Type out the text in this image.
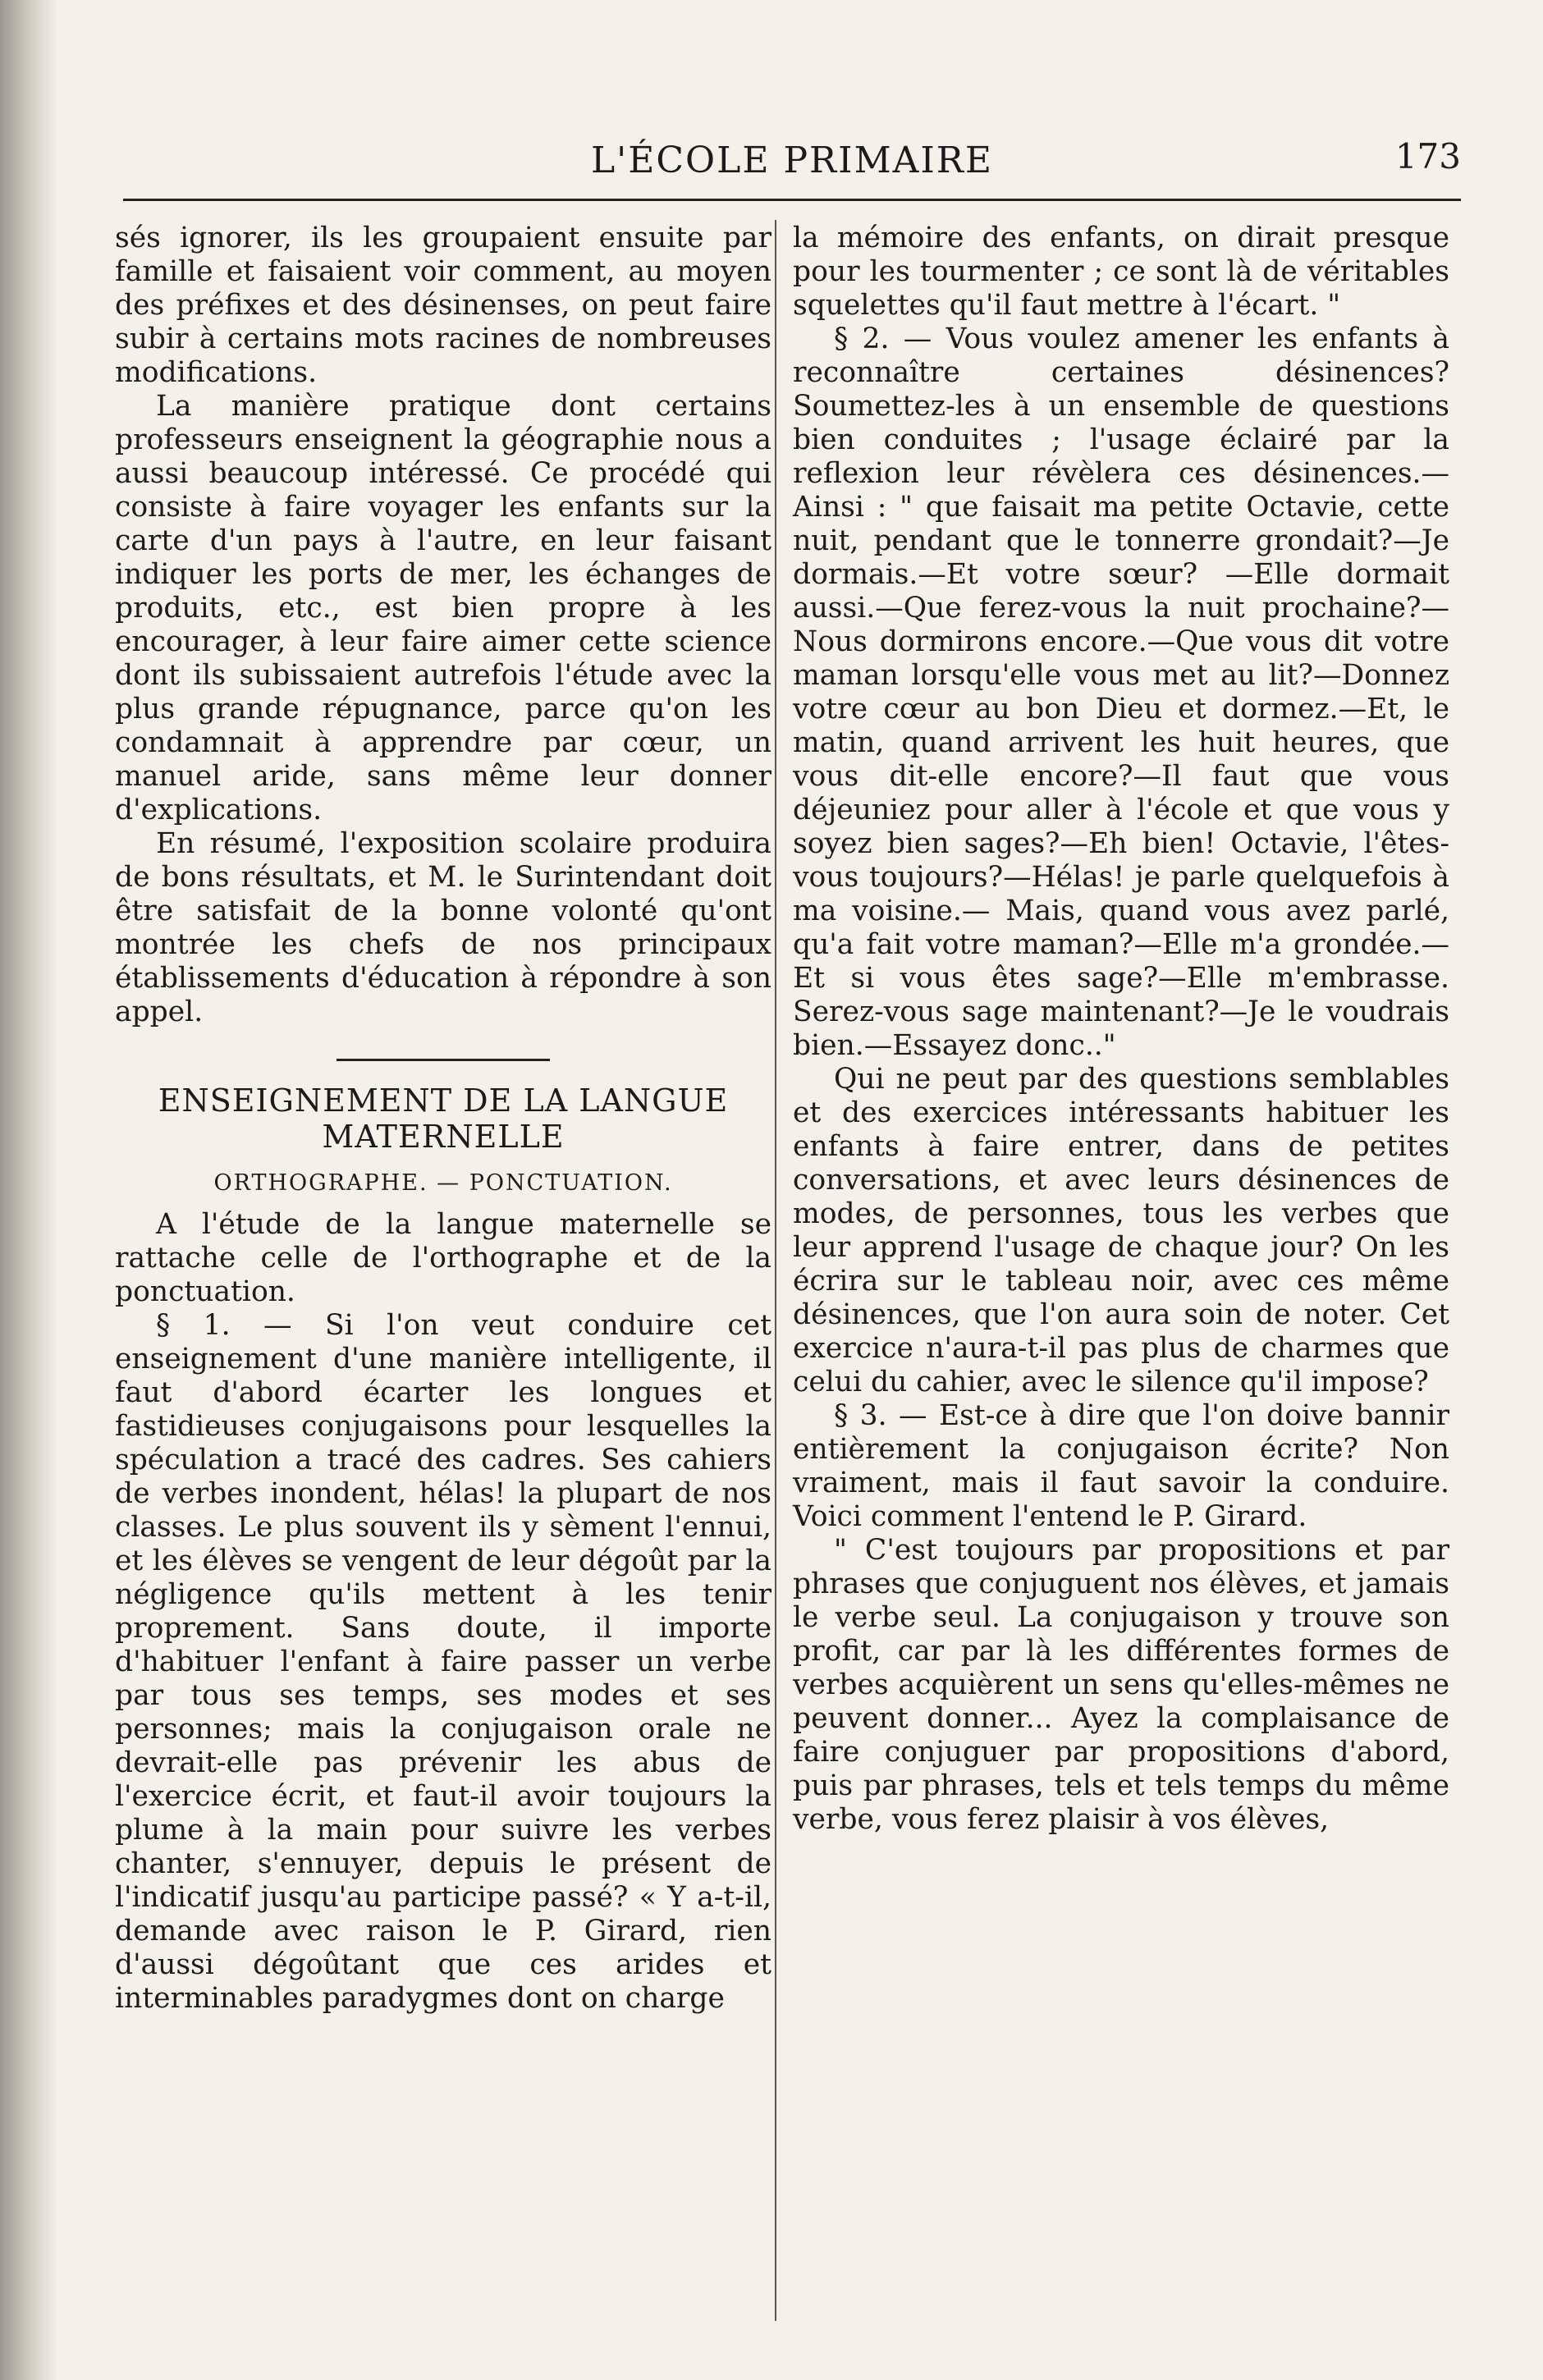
L'ÉCOLE PRIMAIRE	173

sés ignorer, ils les groupaient ensuite par famille et faisaient voir comment, au moyen des préfixes et des désinenses, on peut faire subir à certains mots racines de nombreuses modifications.

La manière pratique dont certains professeurs enseignent la géographie nous a aussi beaucoup intéressé. Ce procédé qui consiste à faire voyager les enfants sur la carte d'un pays à l'autre, en leur faisant indiquer les ports de mer, les échanges de produits, etc., est bien propre à les encourager, à leur faire aimer cette science dont ils subissaient autrefois l'étude avec la plus grande répugnance, parce qu'on les condamnait à apprendre par cœur, un manuel aride, sans même leur donner d'explications.

En résumé, l'exposition scolaire produira de bons résultats, et M. le Surintendant doit être satisfait de la bonne volonté qu'ont montrée les chefs de nos principaux établissements d'éducation à répondre à son appel.

ENSEIGNEMENT DE LA LANGUE MATERNELLE
ORTHOGRAPHE. — PONCTUATION.

A l'étude de la langue maternelle se rattache celle de l'orthographe et de la ponctuation.

§ 1. — Si l'on veut conduire cet enseignement d'une manière intelligente, il faut d'abord écarter les longues et fastidieuses conjugaisons pour lesquelles la spéculation a tracé des cadres. Ses cahiers de verbes inondent, hélas! la plupart de nos classes. Le plus souvent ils y sèment l'ennui, et les élèves se vengent de leur dégoût par la négligence qu'ils mettent à les tenir proprement. Sans doute, il importe d'habituer l'enfant à faire passer un verbe par tous ses temps, ses modes et ses personnes; mais la conjugaison orale ne devrait-elle pas prévenir les abus de l'exercice écrit, et faut-il avoir toujours la plume à la main pour suivre les verbes chanter, s'ennuyer, depuis le présent de l'indicatif jusqu'au participe passé? « Y a-t-il, demande avec raison le P. Girard, rien d'aussi dégoûtant que ces arides et interminables paradygmes dont on charge

la mémoire des enfants, on dirait presque pour les tourmenter ; ce sont là de véritables squelettes qu'il faut mettre à l'écart. "

§ 2. — Vous voulez amener les enfants à reconnaître certaines désinences? Soumettez-les à un ensemble de questions bien conduites ; l'usage éclairé par la reflexion leur révèlera ces désinences.— Ainsi : " que faisait ma petite Octavie, cette nuit, pendant que le tonnerre grondait?—Je dormais.—Et votre sœur? —Elle dormait aussi.—Que ferez-vous la nuit prochaine?—Nous dormirons encore.—Que vous dit votre maman lorsqu'elle vous met au lit?—Donnez votre cœur au bon Dieu et dormez.—Et, le matin, quand arrivent les huit heures, que vous dit-elle encore?—Il faut que vous déjeuniez pour aller à l'école et que vous y soyez bien sages?—Eh bien! Octavie, l'êtes-vous toujours?—Hélas! je parle quelquefois à ma voisine.— Mais, quand vous avez parlé, qu'a fait votre maman?—Elle m'a grondée.—Et si vous êtes sage?—Elle m'embrasse. Serez-vous sage maintenant?—Je le voudrais bien.—Essayez donc.."

Qui ne peut par des questions semblables et des exercices intéressants habituer les enfants à faire entrer, dans de petites conversations, et avec leurs désinences de modes, de personnes, tous les verbes que leur apprend l'usage de chaque jour? On les écrira sur le tableau noir, avec ces même désinences, que l'on aura soin de noter. Cet exercice n'aura-t-il pas plus de charmes que celui du cahier, avec le silence qu'il impose?

§ 3. — Est-ce à dire que l'on doive bannir entièrement la conjugaison écrite? Non vraiment, mais il faut savoir la conduire. Voici comment l'entend le P. Girard.

" C'est toujours par propositions et par phrases que conjuguent nos élèves, et jamais le verbe seul. La conjugaison y trouve son profit, car par là les différentes formes de verbes acquièrent un sens qu'elles-mêmes ne peuvent donner... Ayez la complaisance de faire conjuguer par propositions d'abord, puis par phrases, tels et tels temps du même verbe, vous ferez plaisir à vos élèves,
